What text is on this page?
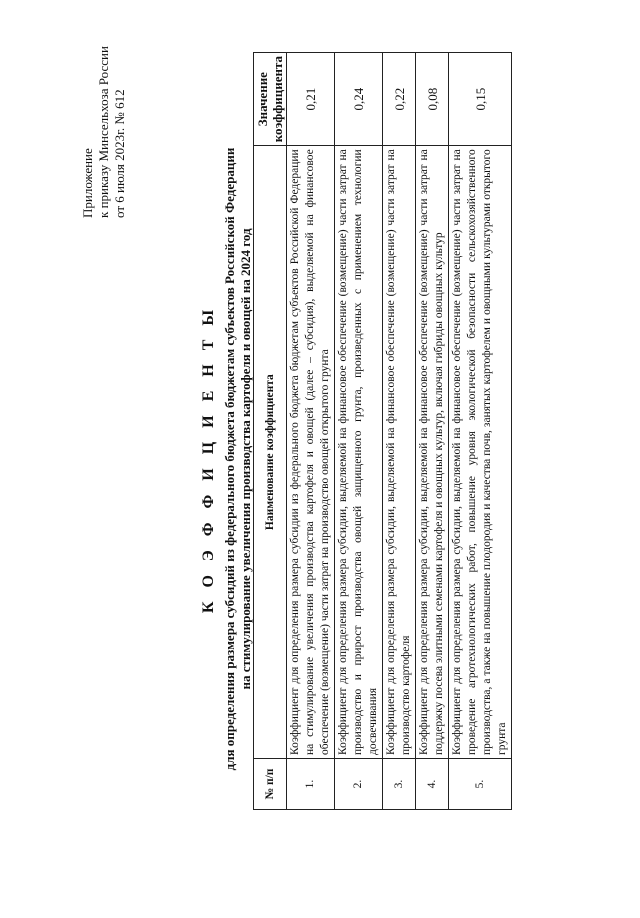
Приложение к приказу Минсельхоза России от 6 июля 2023г. № 612
К О Э Ф Ф И Ц И Е Н Т Ы для определения размера субсидий из федерального бюджета бюджетам субъектов Российской Федерации на стимулирование увеличения производства картофеля и овощей на 2024 год
№ п/п	Наименование коэффициента	Значение коэффициента
1.	Коэффициент для определения размера субсидии из федерального бюджета бюджетам субъектов Российской Федерации на стимулирование увеличения производства картофеля и овощей (далее – субсидия), выделяемой на финансовое обеспечение (возмещение) части затрат на производство овощей открытого грунта	0,21
2.	Коэффициент для определения размера субсидии, выделяемой на финансовое обеспечение (возмещение) части затрат на производство и прирост производства овощей защищенного грунта, произведенных с применением технологии досвечивания	0,24
3.	Коэффициент для определения размера субсидии, выделяемой на финансовое обеспечение (возмещение) части затрат на производство картофеля	0,22
4.	Коэффициент для определения размера субсидии, выделяемой на финансовое обеспечение (возмещение) части затрат на поддержку посева элитными семенами картофеля и овощных культур, включая гибриды овощных культур	0,08
5.	Коэффициент для определения размера субсидии, выделяемой на финансовое обеспечение (возмещение) части затрат на проведение агротехнологических работ, повышение уровня экологической безопасности сельскохозяйственного производства, а также на повышение плодородия и качества почв, занятых картофелем и овощными культурами открытого грунта	0,15
